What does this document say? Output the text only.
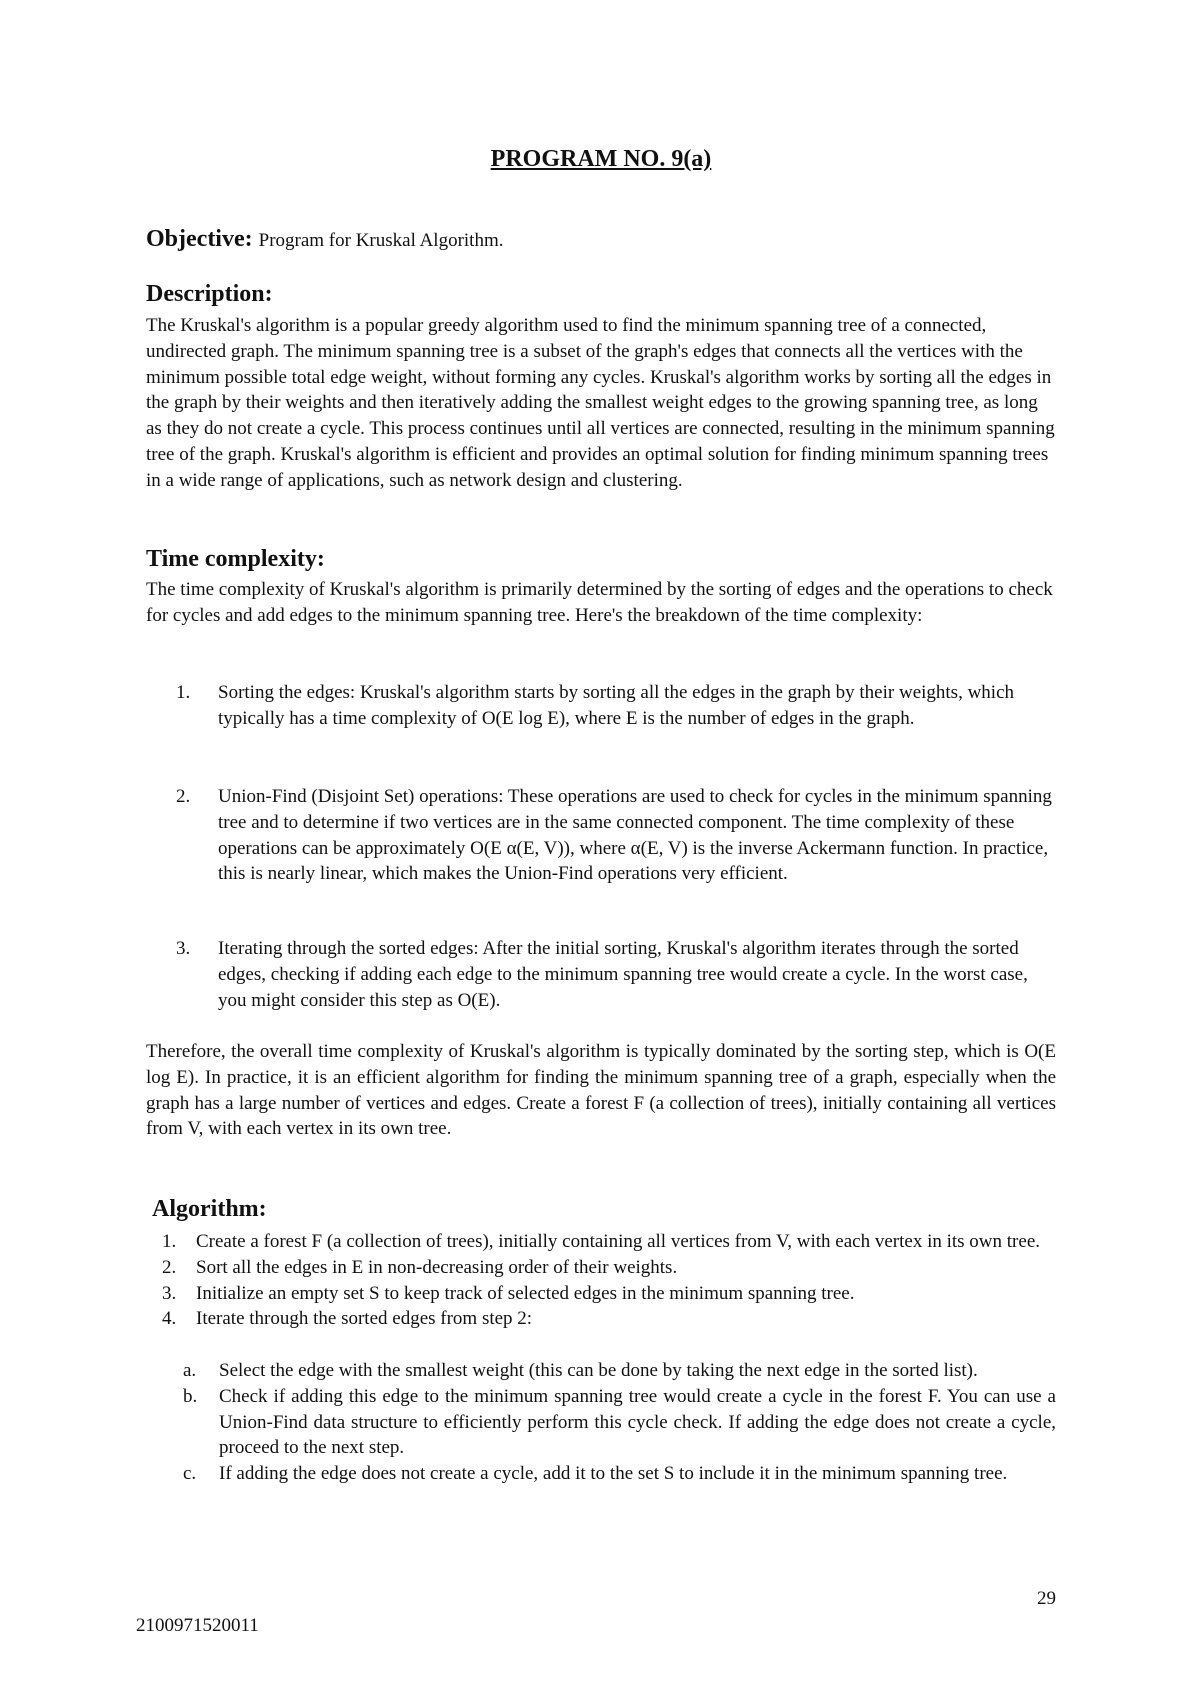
PROGRAM NO. 9(a)

Objective: Program for Kruskal Algorithm.

Description:

The Kruskal's algorithm is a popular greedy algorithm used to find the minimum spanning tree of a connected, undirected graph. The minimum spanning tree is a subset of the graph's edges that connects all the vertices with the minimum possible total edge weight, without forming any cycles. Kruskal's algorithm works by sorting all the edges in the graph by their weights and then iteratively adding the smallest weight edges to the growing spanning tree, as long as they do not create a cycle. This process continues until all vertices are connected, resulting in the minimum spanning tree of the graph. Kruskal's algorithm is efficient and provides an optimal solution for finding minimum spanning trees in a wide range of applications, such as network design and clustering.

Time complexity:

The time complexity of Kruskal's algorithm is primarily determined by the sorting of edges and the operations to check for cycles and add edges to the minimum spanning tree. Here's the breakdown of the time complexity:

1. Sorting the edges: Kruskal's algorithm starts by sorting all the edges in the graph by their weights, which typically has a time complexity of O(E log E), where E is the number of edges in the graph.
2. Union-Find (Disjoint Set) operations: These operations are used to check for cycles in the minimum spanning tree and to determine if two vertices are in the same connected component. The time complexity of these operations can be approximately O(E α(E, V)), where α(E, V) is the inverse Ackermann function. In practice, this is nearly linear, which makes the Union-Find operations very efficient.
3. Iterating through the sorted edges: After the initial sorting, Kruskal's algorithm iterates through the sorted edges, checking if adding each edge to the minimum spanning tree would create a cycle. In the worst case, you might consider this step as O(E).

Therefore, the overall time complexity of Kruskal's algorithm is typically dominated by the sorting step, which is O(E log E). In practice, it is an efficient algorithm for finding the minimum spanning tree of a graph, especially when the graph has a large number of vertices and edges. Create a forest F (a collection of trees), initially containing all vertices from V, with each vertex in its own tree.

Algorithm:
1. Create a forest F (a collection of trees), initially containing all vertices from V, with each vertex in its own tree.
2. Sort all the edges in E in non-decreasing order of their weights.
3. Initialize an empty set S to keep track of selected edges in the minimum spanning tree.
4. Iterate through the sorted edges from step 2:
a. Select the edge with the smallest weight (this can be done by taking the next edge in the sorted list).
b. Check if adding this edge to the minimum spanning tree would create a cycle in the forest F. You can use a Union-Find data structure to efficiently perform this cycle check. If adding the edge does not create a cycle, proceed to the next step.
c. If adding the edge does not create a cycle, add it to the set S to include it in the minimum spanning tree.
29
2100971520011
